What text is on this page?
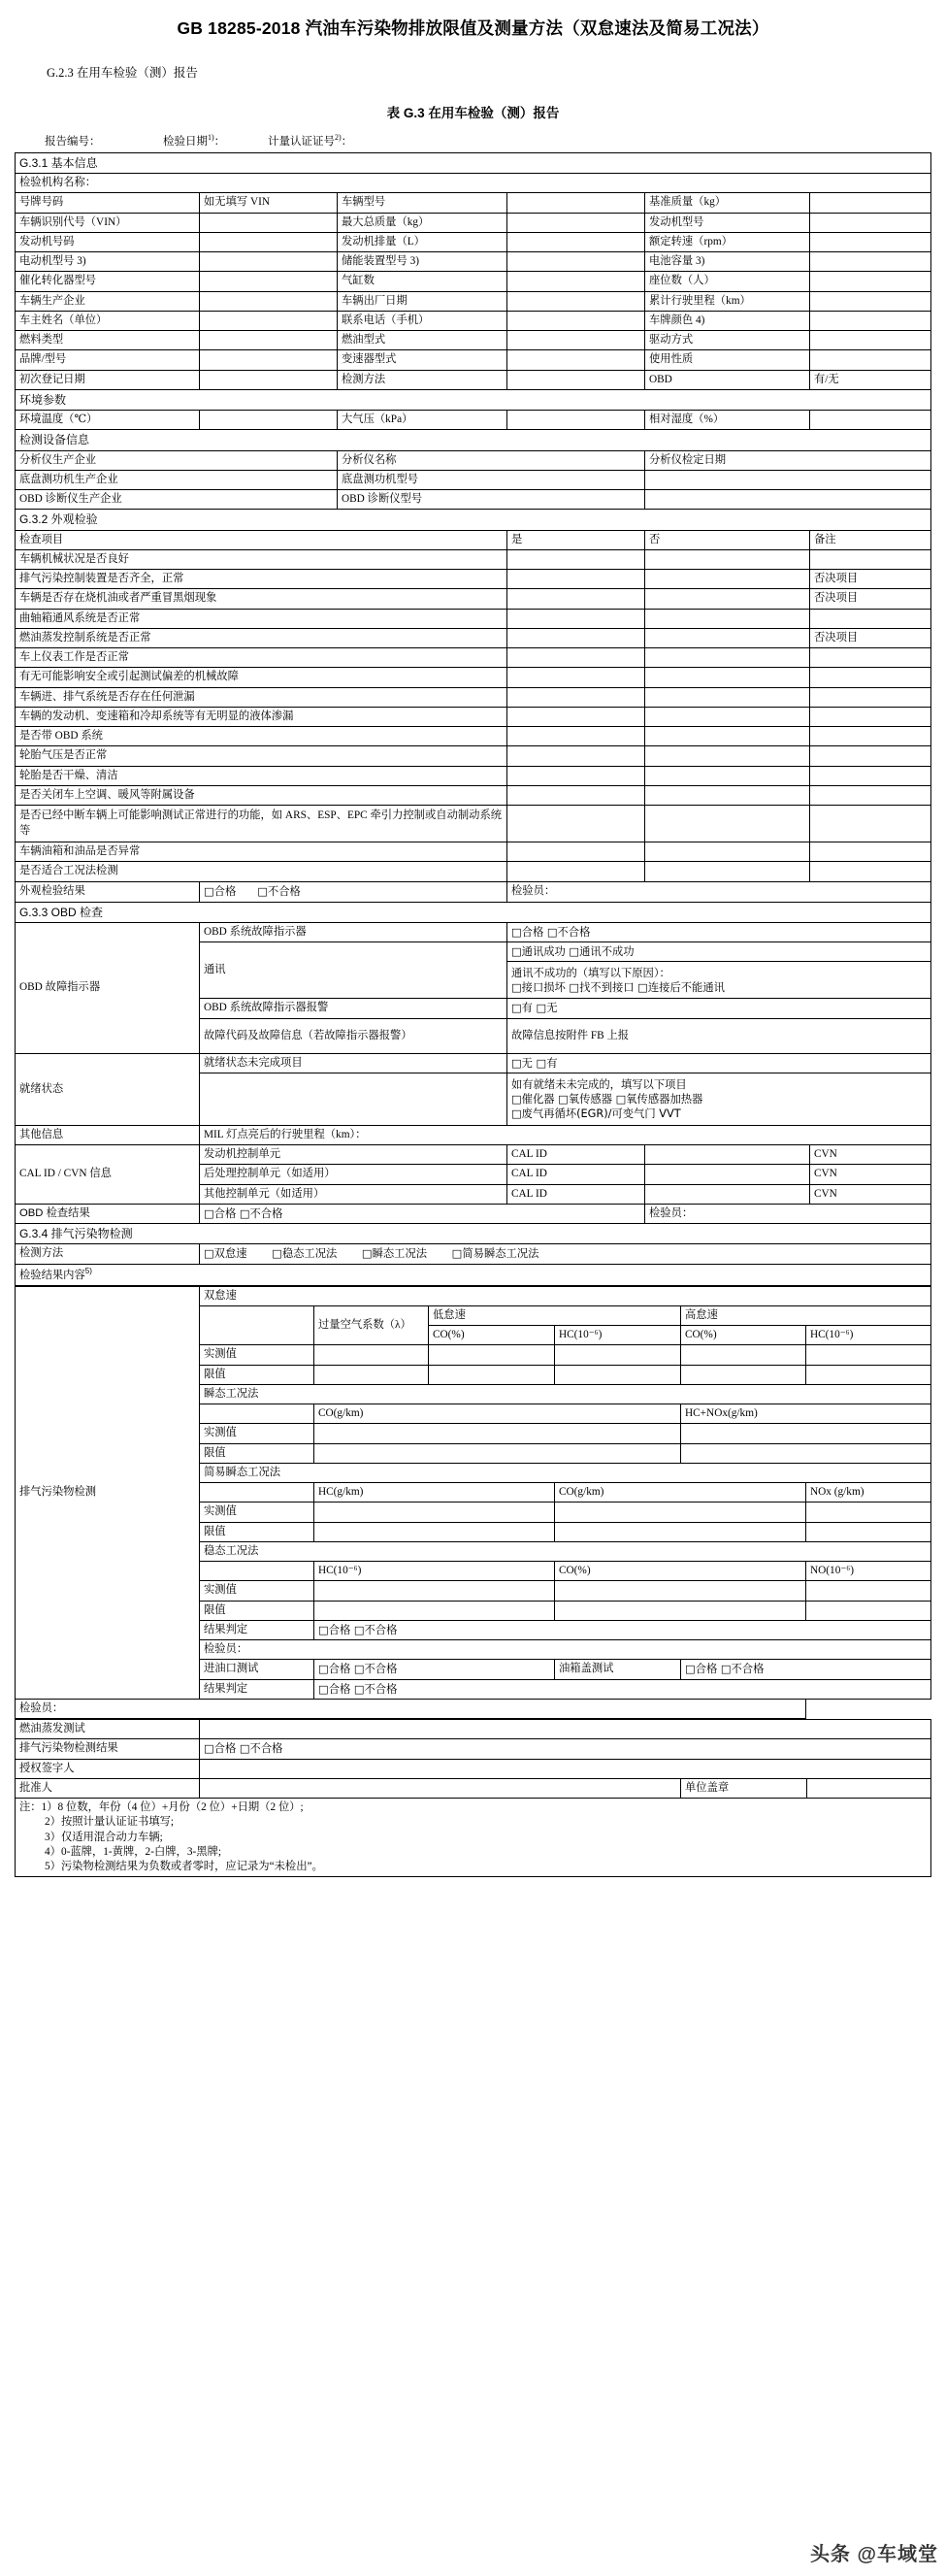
GB 18285-2018 汽油车污染物排放限值及测量方法（双怠速法及简易工况法）
G.2.3 在用车检验（测）报告
表 G.3 在用车检验（测）报告
报告编号：	检验日期$^{1)}$：	计量认证证号$^{2)}$：
G.3.1 基本信息					
检验机构名称：					
号牌号码	如无填写 VIN	车辆型号		基准质量（kg）	
车辆识别代号（VIN）		最大总质量（kg）		发动机型号	
发动机号码		发动机排量（L）		额定转速（rpm）	
电动机型号 3)		储能装置型号 3)		电池容量 3)	
催化转化器型号		气缸数		座位数（人）	
车辆生产企业		车辆出厂日期		累计行驶里程（km）	
车主姓名（单位）		联系电话（手机）		车牌颜色 4)	
燃料类型		燃油型式		驱动方式	
品牌/型号		变速器型式		使用性质	
初次登记日期		检测方法		OBD	有/无
环境参数					
环境温度（℃）		大气压（kPa）		相对湿度（%）	
检测设备信息					
分析仪生产企业		分析仪名称		分析仪检定日期	
底盘测功机生产企业		底盘测功机型号			
OBD 诊断仪生产企业		OBD 诊断仪型号			
G.3.2 外观检验					
检查项目			是	否	备注
车辆机械状况是否良好					
排气污染控制装置是否齐全，正常					否决项目
车辆是否存在烧机油或者严重冒黑烟现象					否决项目
曲轴箱通风系统是否正常					
燃油蒸发控制系统是否正常					否决项目
车上仪表工作是否正常					
有无可能影响安全或引起测试偏差的机械故障					
车辆进、排气系统是否存在任何泄漏					
车辆的发动机、变速箱和冷却系统等有无明显的液体渗漏					
是否带 OBD 系统					
轮胎气压是否正常					
轮胎是否干燥、清洁					
是否关闭车上空调、暖风等附属设备					
是否已经中断车辆上可能影响测试正常进行的功能，如 ARS、ESP、EPC 牵引力控制或自动制动系统等					
车辆油箱和油品是否异常					
是否适合工况法检测					
外观检验结果	□合格 □不合格		检验员：		
G.3.3 OBD 检查					
OBD 故障指示器	OBD 系统故障指示器		□合格 □不合格		
	通讯		□通讯成功 □通讯不成功		

			通讯不成功的（填写以下原因）：
□接口损坏 □找不到接口 □连接后不能通讯		

	OBD 系统故障指示器报警		□有 □无		
	故障代码及故障信息（若故障指示器报警）		故障信息按附件 FB 上报		
就绪状态	就绪状态未完成项目		□无 □有		

			如有就绪未未完成的，填写以下项目
□催化器 □氧传感器 □氧传感器加热器
□废气再循坏(EGR)/可变气门 VVT		

其他信息	MIL 灯点亮后的行驶里程（km）：				
CAL ID / CVN 信息	发动机控制单元		CAL ID		CVN
	后处理控制单元（如适用）		CAL ID		CVN
	其他控制单元（如适用）		CAL ID		CVN
OBD 检查结果	□合格 □不合格			检验员：	
G.3.4 排气污染物检测					
检测方法	□双怠速 □稳态工况法 □瞬态工况法 □简易瞬态工况法				
检验结果内容$^{5)}$
排气污染物检测	双怠速					
		过量空气系数（λ）	低怠速		高怠速	
			CO(%)	HC(10⁻⁶)	CO(%)	HC(10⁻⁶)
	实测值					
	限值					
	瞬态工况法					
		CO(g/km)			HC+NOx(g/km)	
	实测值					
	限值					
	简易瞬态工况法					
		HC(g/km)		CO(g/km)		NOx (g/km)
	实测值					
	限值					
	稳态工况法					
		HC(10⁻⁶)		CO(%)		NO(10⁻⁶)
	实测值					
	限值					
	结果判定	□合格 □不合格				
	检验员：					
	进油口测试	□合格 □不合格		油箱盖测试	□合格 □不合格	
	结果判定	□合格 □不合格				
检验员：						
燃油蒸发测试			
排气污染物检测结果	□合格 □不合格		
授权签字人			
批准人		单位盖章	

注：1）8 位数，年份（4 位）+月份（2 位）+日期（2 位）;
2）按照计量认证证书填写;
3）仅适用混合动力车辆;
4）0-蓝牌，1-黄牌，2-白牌，3-黑牌;
5）污染物检测结果为负数或者零时，应记录为“未检出”。			
头条 @车域堂
